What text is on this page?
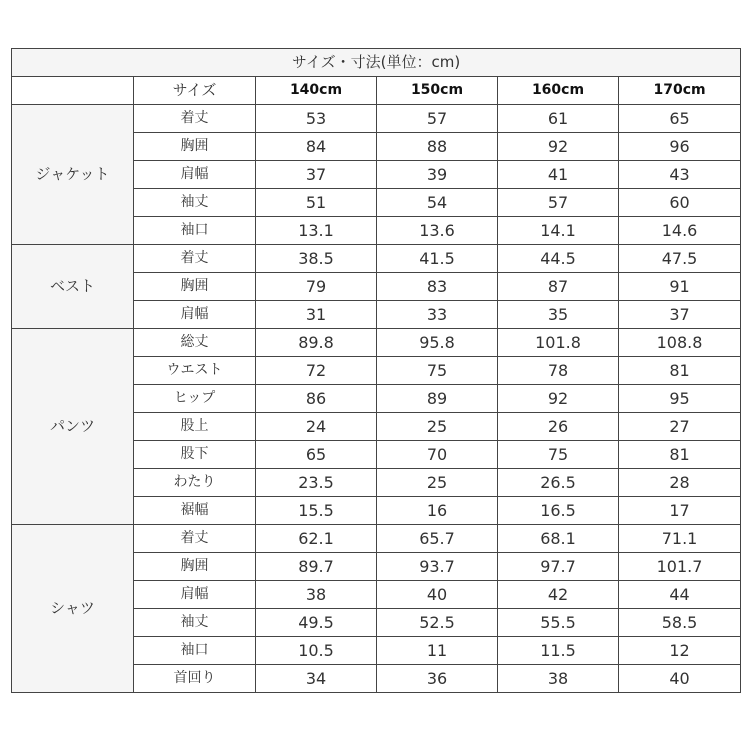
サイズ・寸法(単位：cm)					
	サイズ	140cm	150cm	160cm	170cm
ジャケット	着丈	53	57	61	65
	胸囲	84	88	92	96
	肩幅	37	39	41	43
	袖丈	51	54	57	60
	袖口	13.1	13.6	14.1	14.6
ベスト	着丈	38.5	41.5	44.5	47.5
	胸囲	79	83	87	91
	肩幅	31	33	35	37
パンツ	総丈	89.8	95.8	101.8	108.8
	ウエスト	72	75	78	81
	ヒップ	86	89	92	95
	股上	24	25	26	27
	股下	65	70	75	81
	わたり	23.5	25	26.5	28
	裾幅	15.5	16	16.5	17
シャツ	着丈	62.1	65.7	68.1	71.1
	胸囲	89.7	93.7	97.7	101.7
	肩幅	38	40	42	44
	袖丈	49.5	52.5	55.5	58.5
	袖口	10.5	11	11.5	12
	首回り	34	36	38	40
